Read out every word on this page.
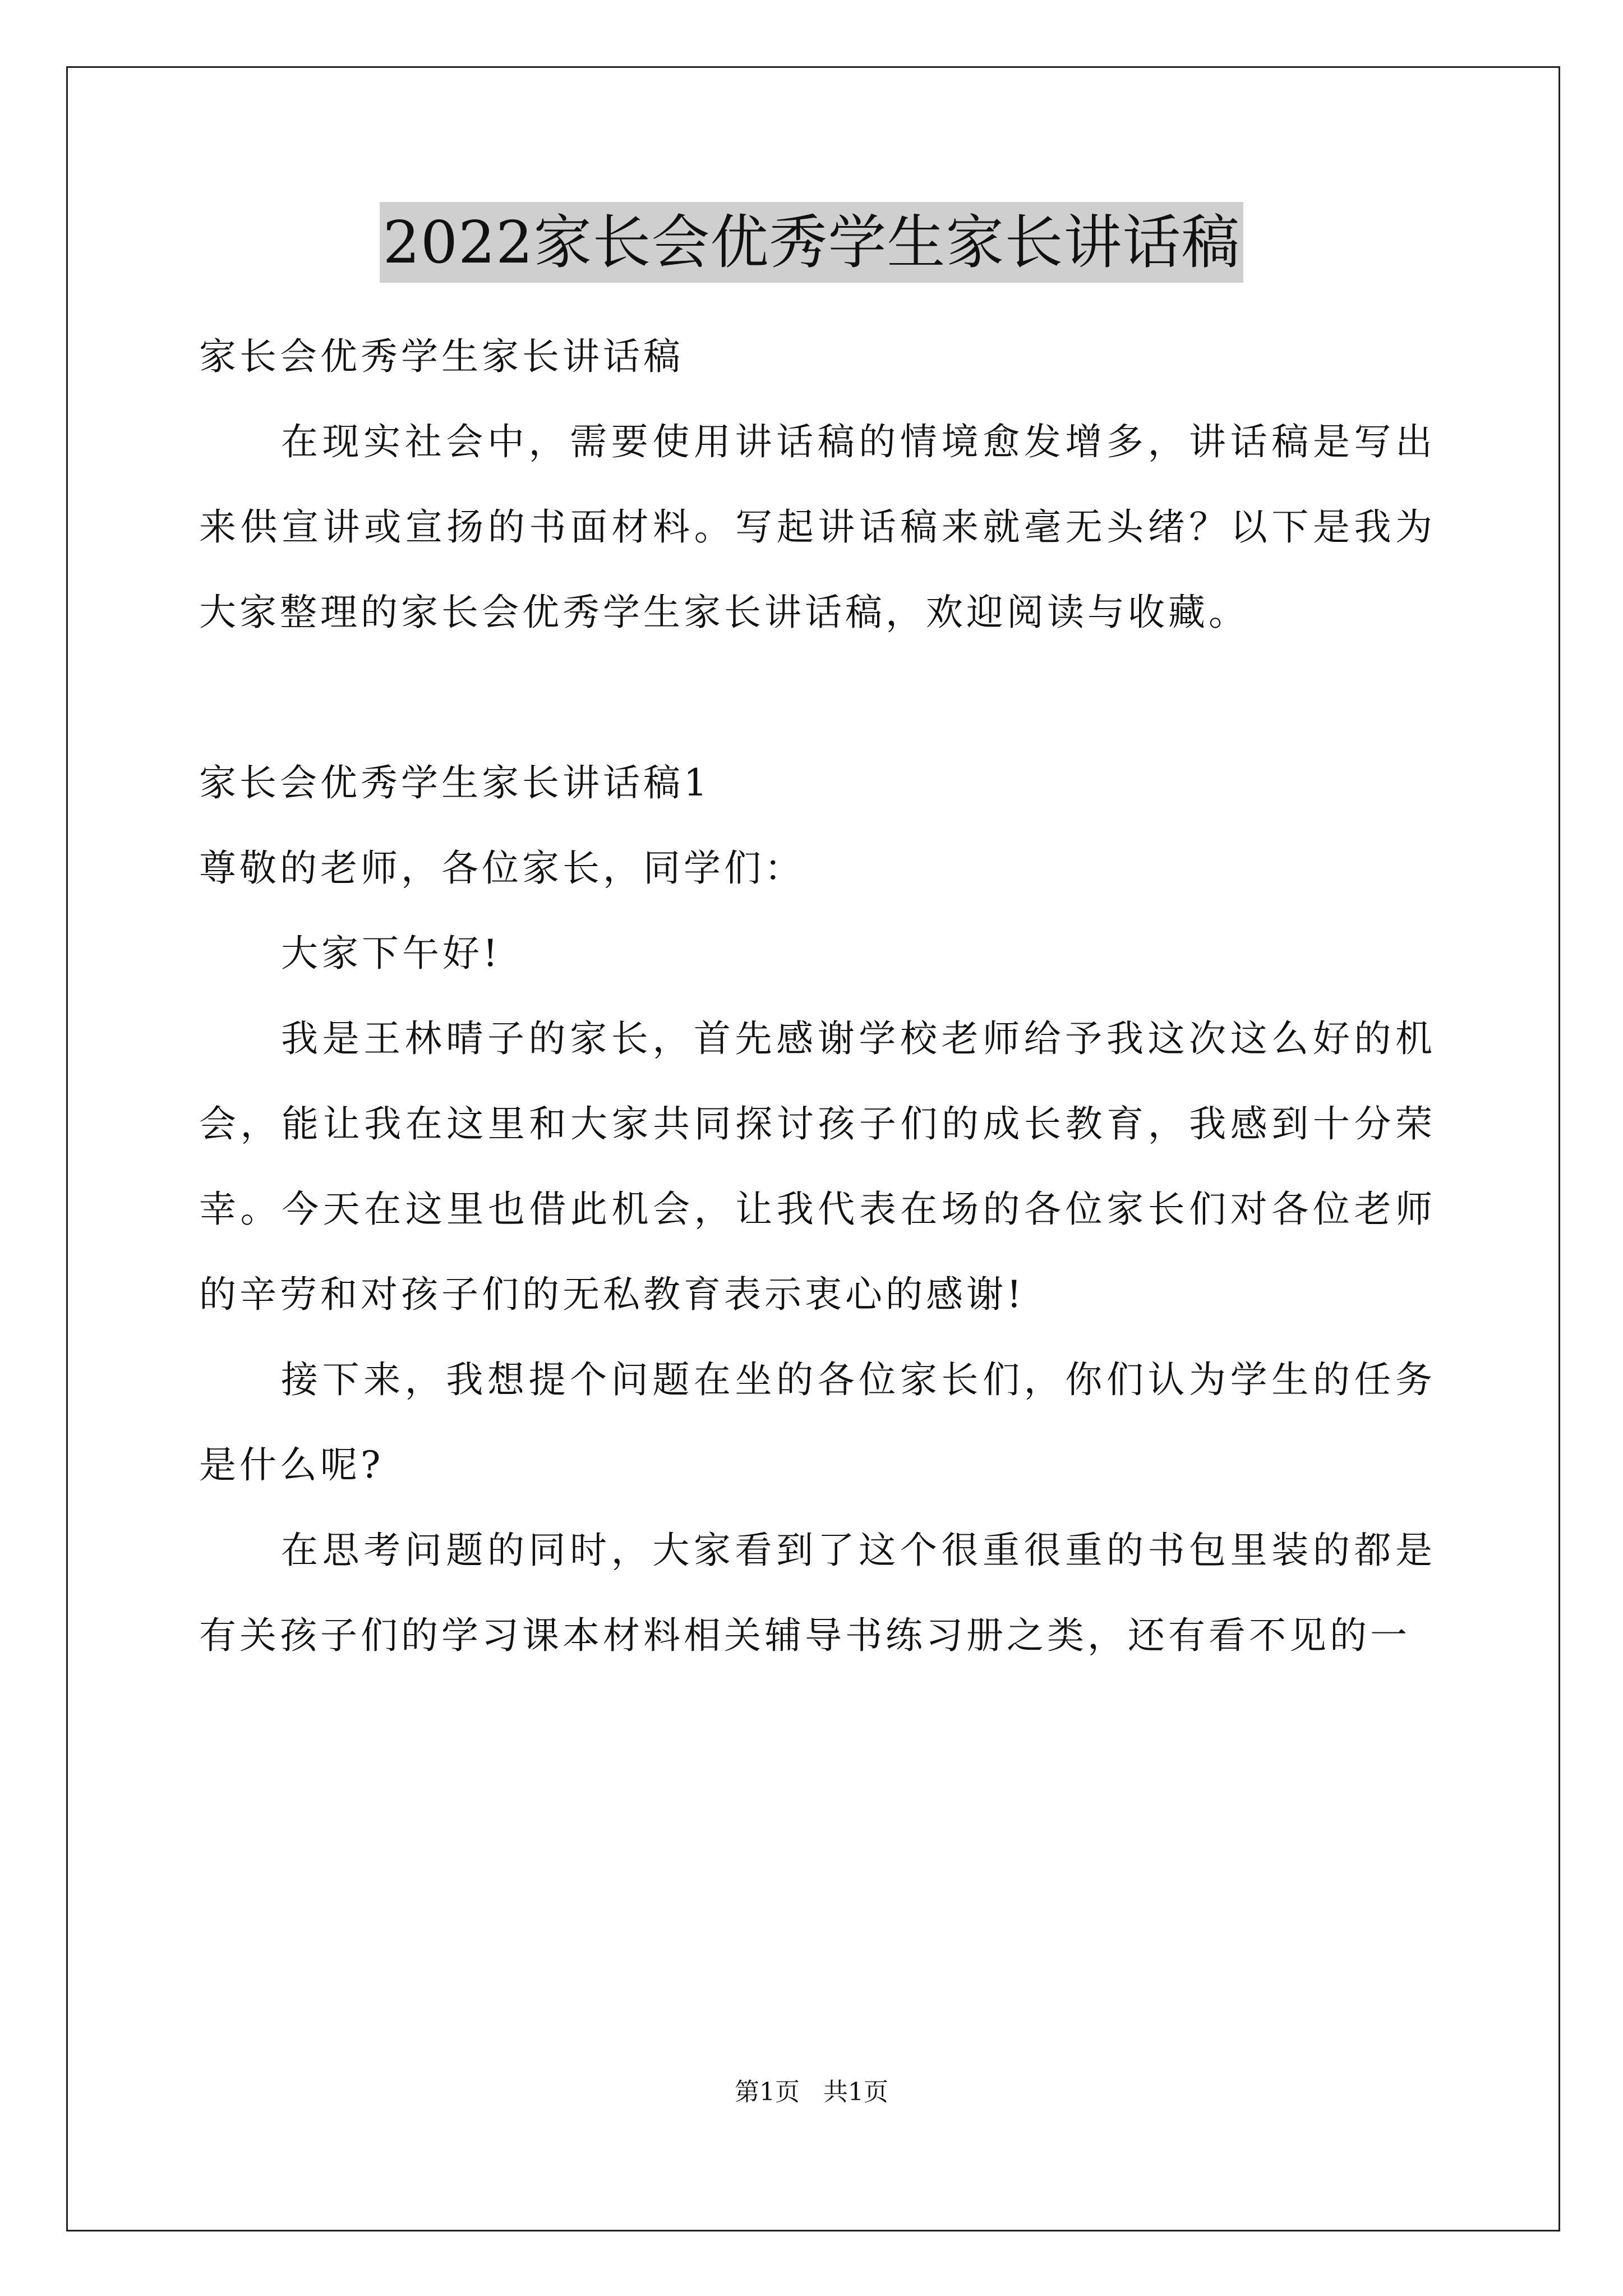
2022家长会优秀学生家长讲话稿

家长会优秀学生家长讲话稿

在现实社会中，需要使用讲话稿的情境愈发增多，讲话稿是写出来供宣讲或宣扬的书面材料。写起讲话稿来就毫无头绪？以下是我为大家整理的家长会优秀学生家长讲话稿，欢迎阅读与收藏。

家长会优秀学生家长讲话稿1

尊敬的老师，各位家长，同学们：

大家下午好!

我是王林晴子的家长，首先感谢学校老师给予我这次这么好的机会，能让我在这里和大家共同探讨孩子们的成长教育，我感到十分荣幸。今天在这里也借此机会，让我代表在场的各位家长们对各位老师的辛劳和对孩子们的无私教育表示衷心的感谢!

接下来，我想提个问题在坐的各位家长们，你们认为学生的任务是什么呢?

在思考问题的同时，大家看到了这个很重很重的书包里装的都是有关孩子们的学习课本材料相关辅导书练习册之类，还有看不见的一

第1页 共1页
